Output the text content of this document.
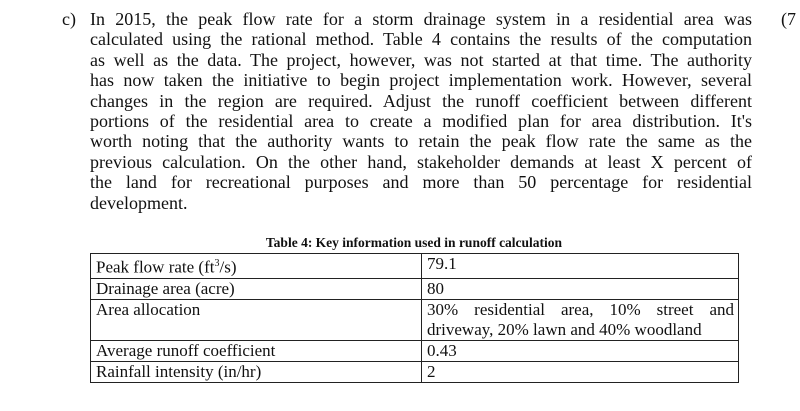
c)	(7
In 2015, the peak flow rate for a storm drainage system in a residential area was
calculated using the rational method. Table 4 contains the results of the computation
as well as the data. The project, however, was not started at that time. The authority
has now taken the initiative to begin project implementation work. However, several
changes in the region are required. Adjust the runoff coefficient between different
portions of the residential area to create a modified plan for area distribution. It's
worth noting that the authority wants to retain the peak flow rate the same as the
previous calculation. On the other hand, stakeholder demands at least X percent of
the land for recreational purposes and more than 50 percentage for residential
development.
Table 4: Key information used in runoff calculation
Peak flow rate $(ft^3/s)$	79.1
Drainage area (acre)	80
Area allocation	30% residential area, 10% street and driveway, 20% lawn and 40% woodland
Average runoff coefficient	0.43
Rainfall intensity (in/hr)	2
